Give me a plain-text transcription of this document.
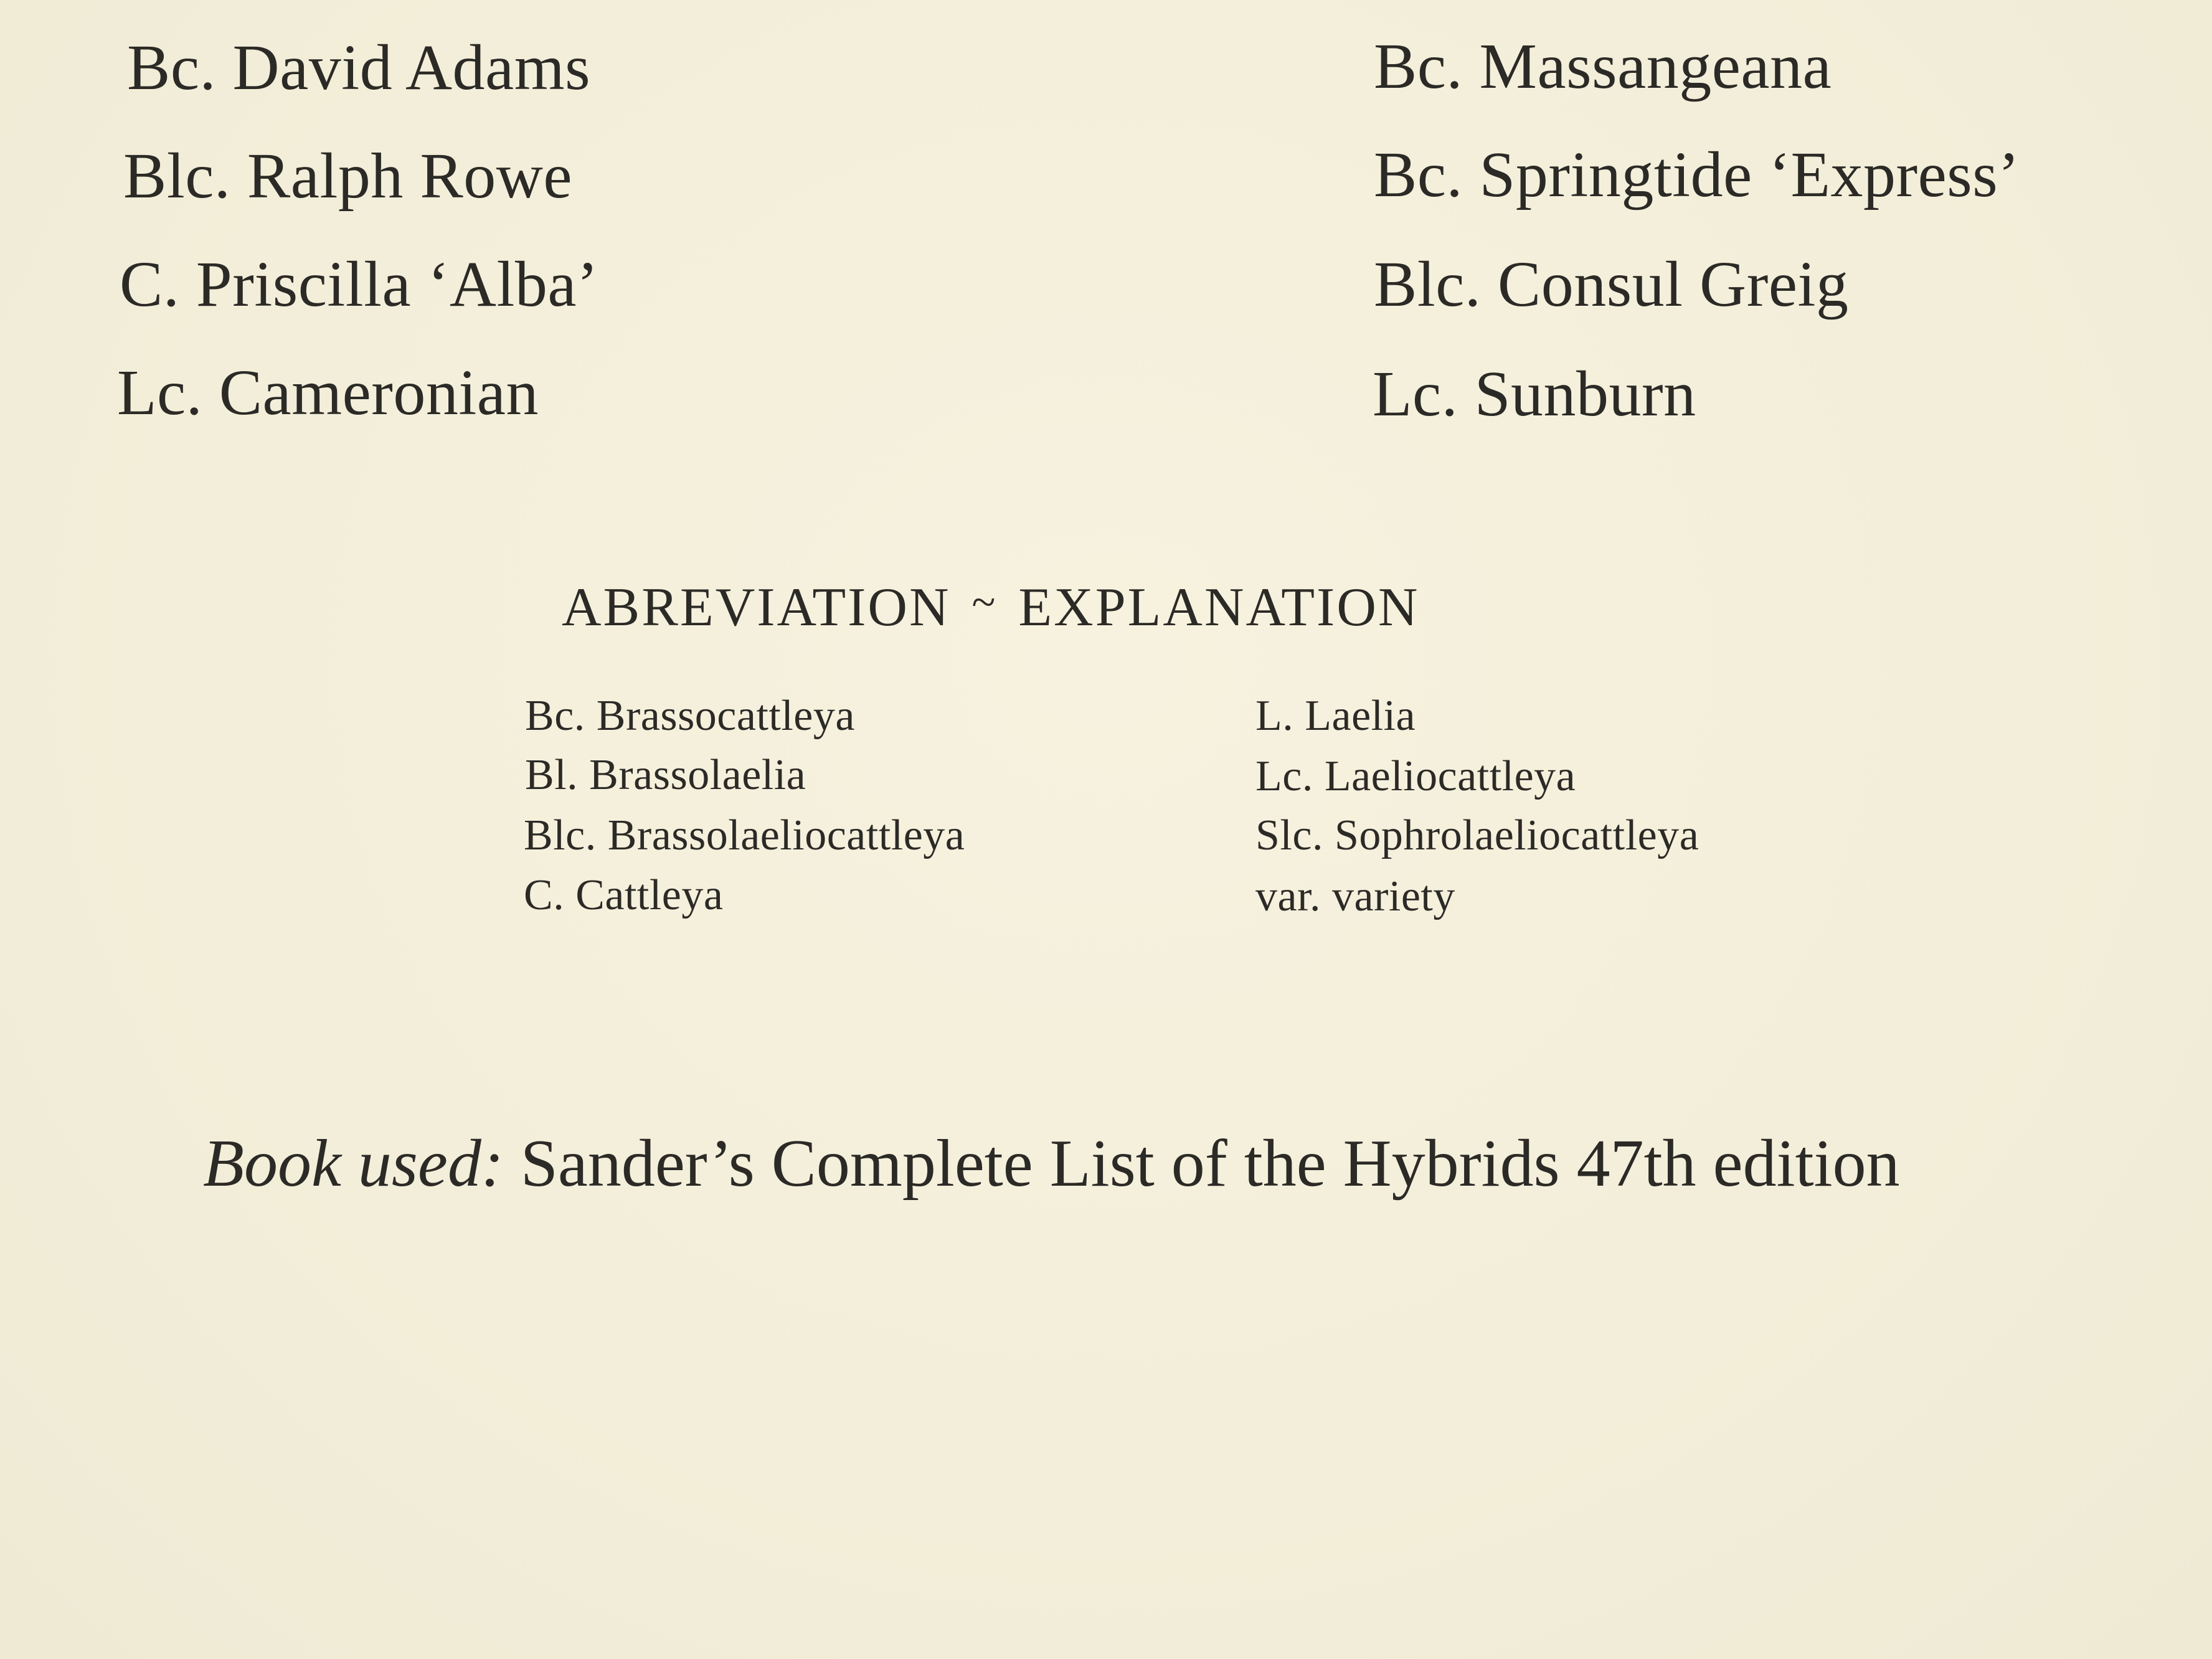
Bc. David Adams
Blc. Ralph Rowe
C. Priscilla ‘Alba’
Lc. Cameronian
Bc. Massangeana
Bc. Springtide ‘Express’
Blc. Consul Greig
Lc. Sunburn
ABREVIATION ~ EXPLANATION
Bc. Brassocattleya
Bl. Brassolaelia
Blc. Brassolaeliocattleya
C. Cattleya
L. Laelia
Lc. Laeliocattleya
Slc. Sophrolaeliocattleya
var. variety
Book used: Sander’s Complete List of the Hybrids 47th edition
